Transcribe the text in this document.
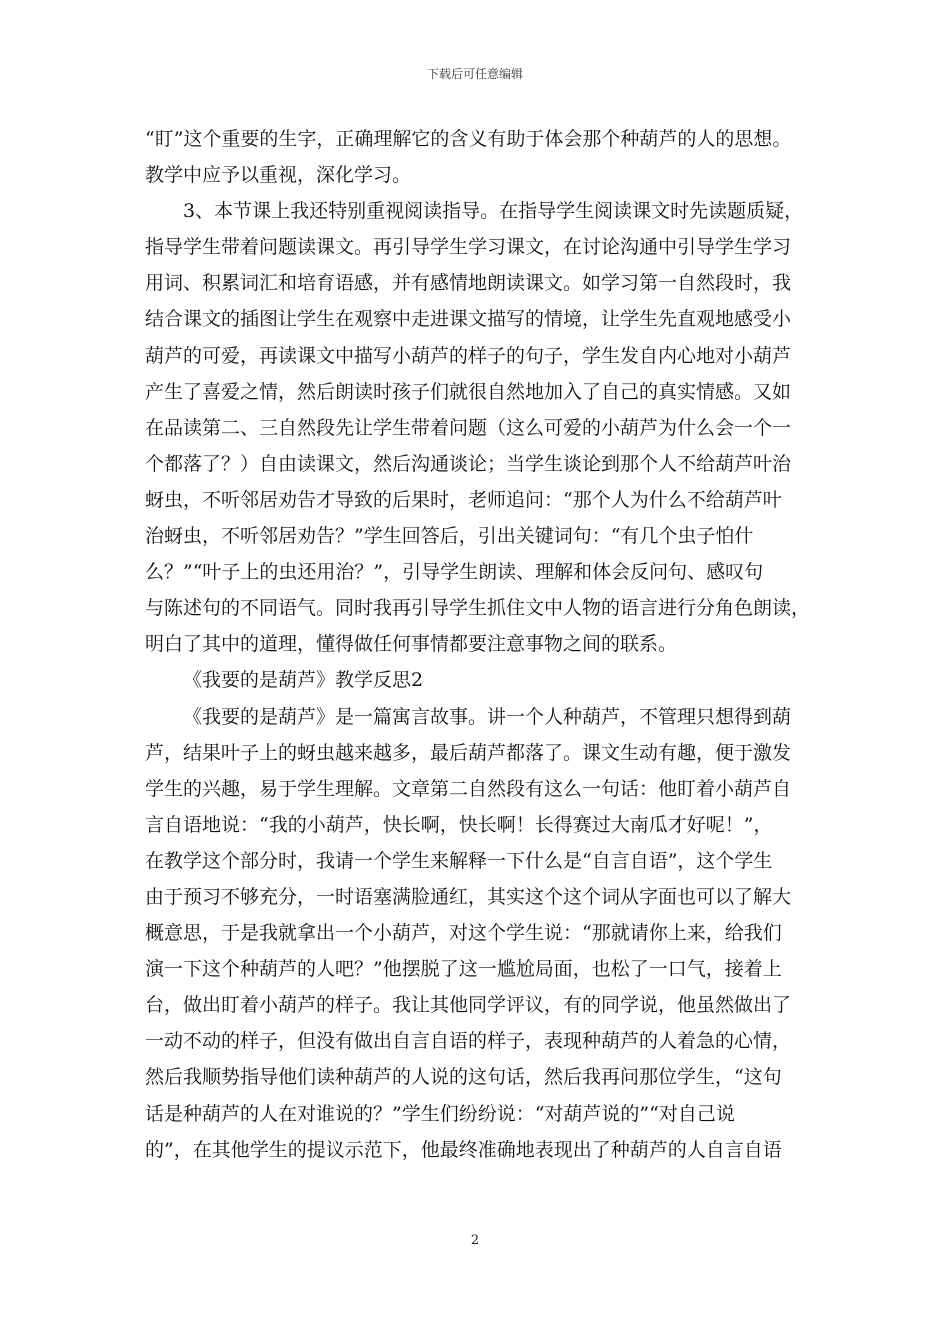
下载后可任意编辑
“盯”这个重要的生字，正确理解它的含义有助于体会那个种葫芦的人的思想。
教学中应予以重视，深化学习。
3、本节课上我还特别重视阅读指导。在指导学生阅读课文时先读题质疑，
指导学生带着问题读课文。再引导学生学习课文，在讨论沟通中引导学生学习
用词、积累词汇和培育语感，并有感情地朗读课文。如学习第一自然段时，我
结合课文的插图让学生在观察中走进课文描写的情境，让学生先直观地感受小
葫芦的可爱，再读课文中描写小葫芦的样子的句子，学生发自内心地对小葫芦
产生了喜爱之情，然后朗读时孩子们就很自然地加入了自己的真实情感。又如
在品读第二、三自然段先让学生带着问题（这么可爱的小葫芦为什么会一个一
个都落了？）自由读课文，然后沟通谈论；当学生谈论到那个人不给葫芦叶治
蚜虫，不听邻居劝告才导致的后果时，老师追问：“那个人为什么不给葫芦叶
治蚜虫，不听邻居劝告？”学生回答后，引出关键词句：“有几个虫子怕什
么？”“叶子上的虫还用治？”，引导学生朗读、理解和体会反问句、感叹句
与陈述句的不同语气。同时我再引导学生抓住文中人物的语言进行分角色朗读，
明白了其中的道理，懂得做任何事情都要注意事物之间的联系。
《我要的是葫芦》教学反思2
《我要的是葫芦》是一篇寓言故事。讲一个人种葫芦，不管理只想得到葫
芦，结果叶子上的蚜虫越来越多，最后葫芦都落了。课文生动有趣，便于激发
学生的兴趣，易于学生理解。文章第二自然段有这么一句话：他盯着小葫芦自
言自语地说：“我的小葫芦，快长啊，快长啊！长得赛过大南瓜才好呢！”，
在教学这个部分时，我请一个学生来解释一下什么是“自言自语”，这个学生
由于预习不够充分，一时语塞满脸通红，其实这个这个词从字面也可以了解大
概意思，于是我就拿出一个小葫芦，对这个学生说：“那就请你上来，给我们
演一下这个种葫芦的人吧？”他摆脱了这一尴尬局面，也松了一口气，接着上
台，做出盯着小葫芦的样子。我让其他同学评议，有的同学说，他虽然做出了
一动不动的样子，但没有做出自言自语的样子，表现种葫芦的人着急的心情，
然后我顺势指导他们读种葫芦的人说的这句话，然后我再问那位学生，“这句
话是种葫芦的人在对谁说的？”学生们纷纷说：“对葫芦说的”“对自己说
的”，在其他学生的提议示范下，他最终准确地表现出了种葫芦的人自言自语
2
